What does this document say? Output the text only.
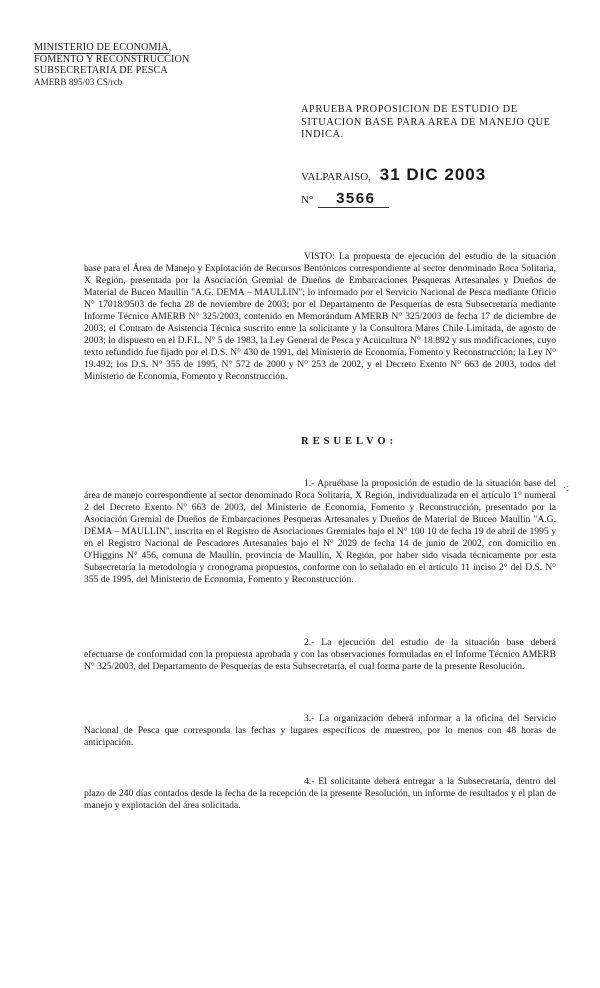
MINISTERIO DE ECONOMIA,
FOMENTO Y RECONSTRUCCION
SUBSECRETARIA DE PESCA
AMERB 895/03 CS/rcb
APRUEBA PROPOSICION DE ESTUDIO DE SITUACION BASE PARA AREA DE MANEJO QUE INDICA.
VALPARAISO, 31 DIC 2003
N° 3566
VISTO: La propuesta de ejecución del estudio de la situación base para el Área de Manejo y Explotación de Recursos Bentónicos correspondiente al sector denominado Roca Solitaria, X Región, presentada por la Asociación Gremial de Dueños de Embarcaciones Pesqueras Artesanales y Dueños de Material de Buceo Maullín "A.G. DEMA – MAULLIN"; lo informado por el Servicio Nacional de Pesca mediante Oficio N° 17018/9503 de fecha 28 de noviembre de 2003; por el Departamento de Pesquerías de esta Subsecretaría mediante Informe Técnico AMERB N° 325/2003, contenido en Memorándum AMERB N° 325/2003 de fecha 17 de diciembre de 2003; el Contrato de Asistencia Técnica suscrito entre la solicitante y la Consultora Mares Chile Limitada, de agosto de 2003; lo dispuesto en el D.F.L. N° 5 de 1983, la Ley General de Pesca y Acuicultura N° 18.892 y sus modificaciones, cuyo texto refundido fue fijado por el D.S. N° 430 de 1991, del Ministerio de Economía, Fomento y Reconstrucción; la Ley N° 19.492; los D.S. N° 355 de 1995, N° 572 de 2000 y N° 253 de 2002, y el Decreto Exento N° 663 de 2003, todos del Ministerio de Economía, Fomento y Reconstrucción.
RESUELVO:
1.- Apruébase la proposición de estudio de la situación base del área de manejo correspondiente al sector denominado Roca Solitaria, X Región, individualizada en el artículo 1° numeral 2 del Decreto Exento N° 663 de 2003, del Ministerio de Economía, Fomento y Reconstrucción, presentado por la Asociación Gremial de Dueños de Embarcaciones Pesqueras Artesanales y Dueños de Material de Buceo Maullín "A.G. DEMA – MAULLIN", inscrita en el Registro de Asociaciones Gremiales bajo el N° 100 10 de fecha 19 de abril de 1995 y en el Registro Nacional de Pescadores Artesanales bajo el N° 2029 de fecha 14 de junio de 2002, con domicilio en O'Higgins N° 456, comuna de Maullín, provincia de Maullín, X Región, por haber sido visada técnicamente por esta Subsecretaría la metodología y cronograma propuestos, conforme con lo señalado en el artículo 11 inciso 2° del D.S. N° 355 de 1995, del Ministerio de Economía, Fomento y Reconstrucción.
·:
2.- La ejecución del estudio de la situación base deberá efectuarse de conformidad con la propuesta aprobada y con las observaciones formuladas en el Informe Técnico AMERB N° 325/2003, del Departamento de Pesquerías de esta Subsecretaría, el cual forma parte de la presente Resolución.
3.- La organización deberá informar a la oficina del Servicio Nacional de Pesca que corresponda las fechas y lugares específicos de muestreo, por lo menos con 48 horas de anticipación.
4.- El solicitante deberá entregar a la Subsecretaría, dentro del plazo de 240 días contados desde la fecha de la recepción de la presente Resolución, un informe de resultados y el plan de manejo y explotación del área solicitada.
